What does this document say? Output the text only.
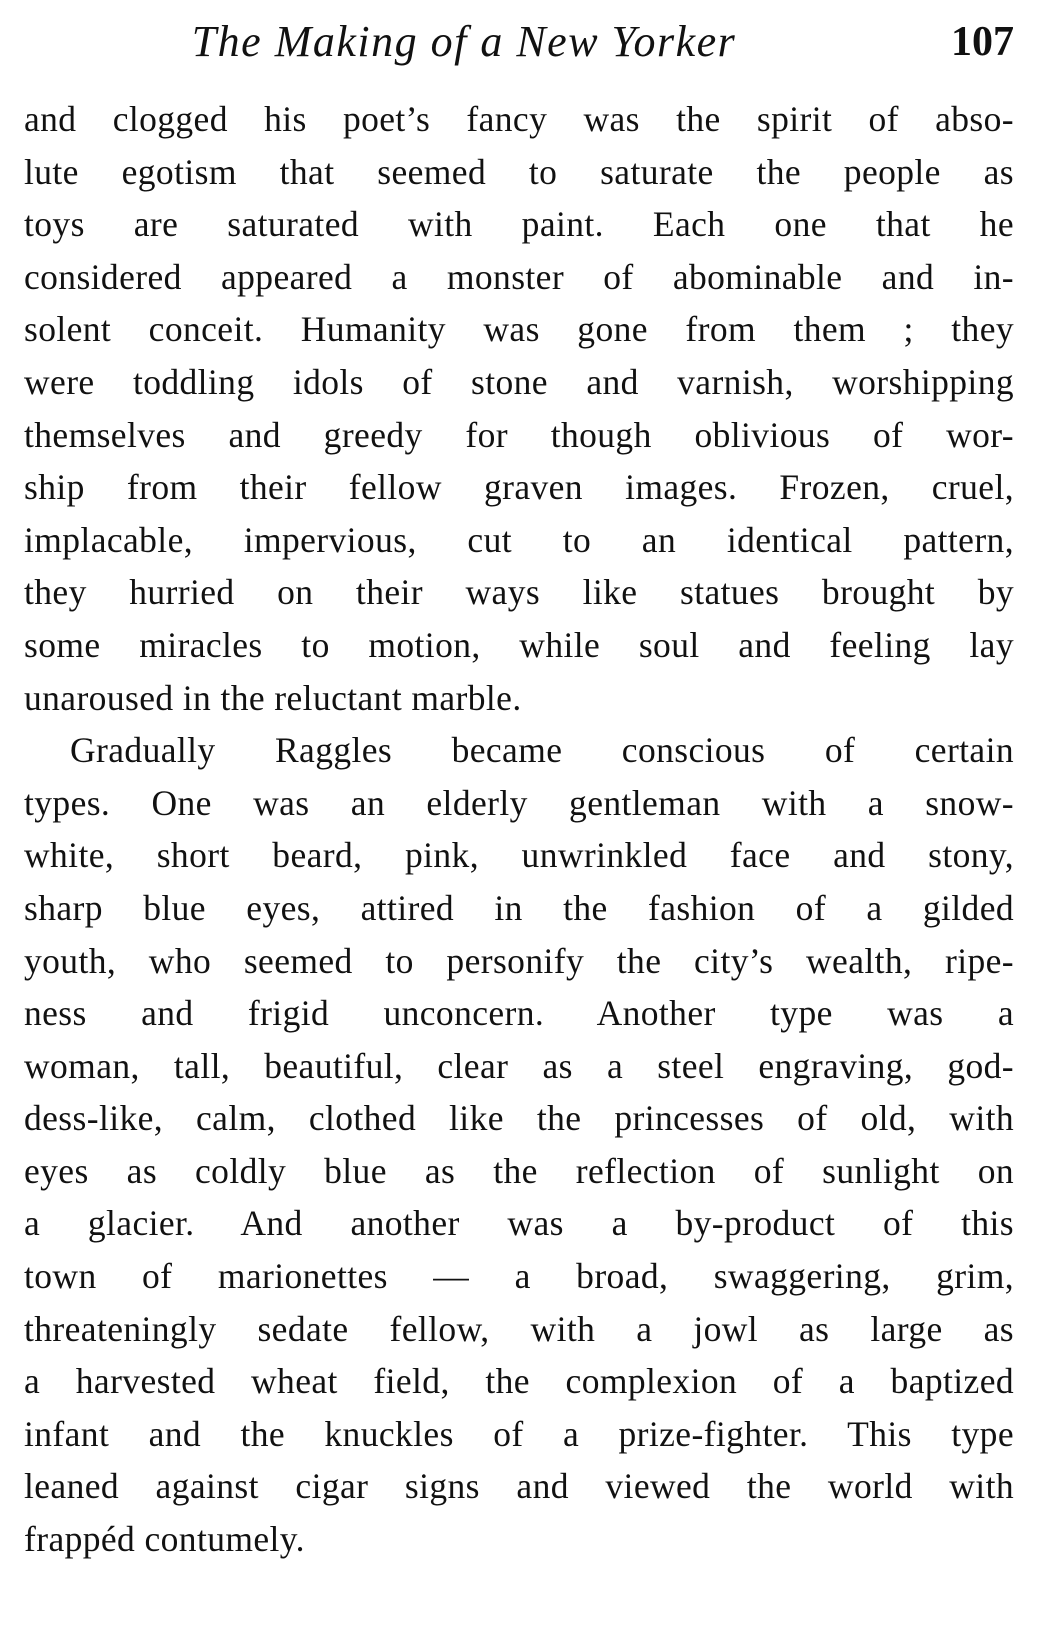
The Making of a New Yorker	107
and clogged his poet’s fancy was the spirit of abso-
lute egotism that seemed to saturate the people as
toys are saturated with paint. Each one that he
considered appeared a monster of abominable and in-
solent conceit. Humanity was gone from them ; they
were toddling idols of stone and varnish, worshipping
themselves and greedy for though oblivious of wor-
ship from their fellow graven images. Frozen, cruel,
implacable, impervious, cut to an identical pattern,
they hurried on their ways like statues brought by
some miracles to motion, while soul and feeling lay
unaroused in the reluctant marble.
Gradually Raggles became conscious of certain
types. One was an elderly gentleman with a snow-
white, short beard, pink, unwrinkled face and stony,
sharp blue eyes, attired in the fashion of a gilded
youth, who seemed to personify the city’s wealth, ripe-
ness and frigid unconcern. Another type was a
woman, tall, beautiful, clear as a steel engraving, god-
dess-like, calm, clothed like the princesses of old, with
eyes as coldly blue as the reflection of sunlight on
a glacier. And another was a by-product of this
town of marionettes — a broad, swaggering, grim,
threateningly sedate fellow, with a jowl as large as
a harvested wheat field, the complexion of a baptized
infant and the knuckles of a prize-fighter. This type
leaned against cigar signs and viewed the world with
frappéd contumely.
